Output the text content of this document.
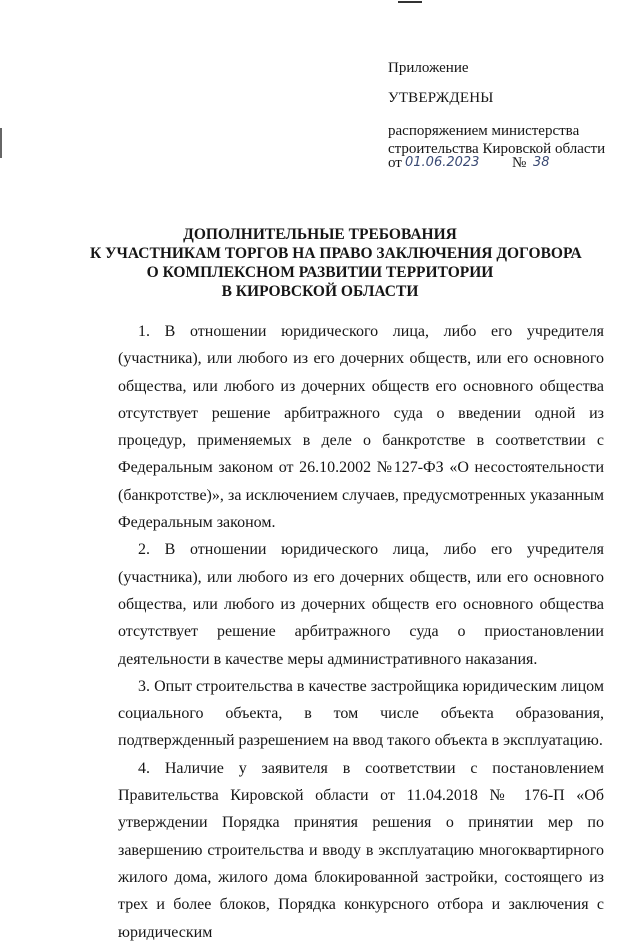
Приложение
УТВЕРЖДЕНЫ
распоряжением министерства
строительства Кировской области
от 01.06.2023 № 38
ДОПОЛНИТЕЛЬНЫЕ ТРЕБОВАНИЯ
К УЧАСТНИКАМ ТОРГОВ НА ПРАВО ЗАКЛЮЧЕНИЯ ДОГОВОРА
О КОМПЛЕКСНОМ РАЗВИТИИ ТЕРРИТОРИИ
В КИРОВСКОЙ ОБЛАСТИ

1. В отношении юридического лица, либо его учредителя (участника), или любого из его дочерних обществ, или его основного общества, или любого из дочерних обществ его основного общества отсутствует решение арбитражного суда о введении одной из процедур, применяемых в деле о банкротстве в соответствии с Федеральным законом от 26.10.2002 №127-ФЗ «О несостоятельности (банкротстве)», за исключением случаев, предусмотренных указанным Федеральным законом.

2. В отношении юридического лица, либо его учредителя (участника), или любого из его дочерних обществ, или его основного общества, или любого из дочерних обществ его основного общества отсутствует решение арбитражного суда о приостановлении деятельности в качестве меры административного наказания.

3. Опыт строительства в качестве застройщика юридическим лицом социального объекта, в том числе объекта образования, подтвержденный разрешением на ввод такого объекта в эксплуатацию.

4. Наличие у заявителя в соответствии с постановлением Правительства Кировской области от 11.04.2018 № 176-П «Об утверждении Порядка принятия решения о принятии мер по завершению строительства и вводу в эксплуатацию многоквартирного жилого дома, жилого дома блокированной застройки, состоящего из трех и более блоков, Порядка конкурсного отбора и заключения с юридическим
